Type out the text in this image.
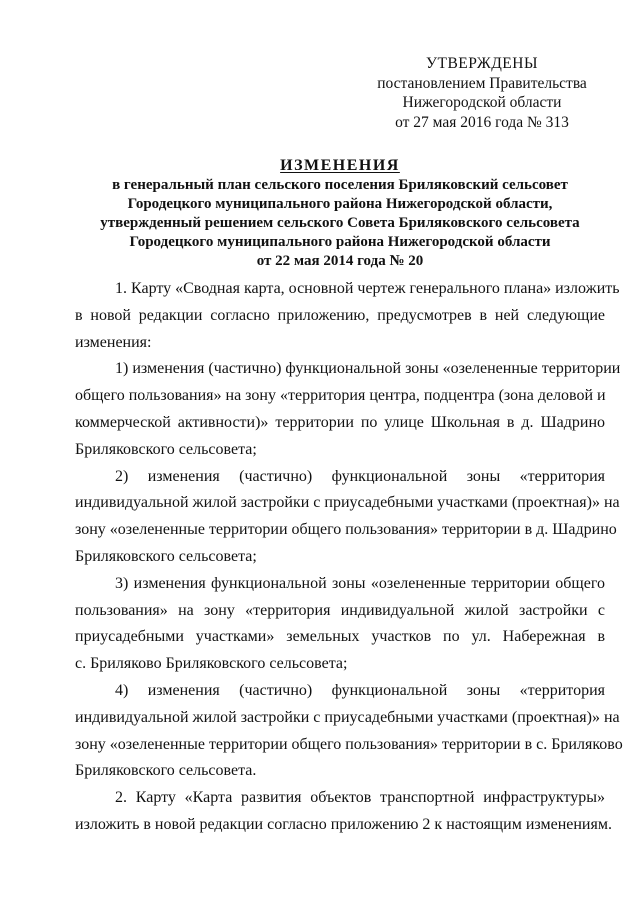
УТВЕРЖДЕНЫ
постановлением Правительства
Нижегородской области
от 27 мая 2016 года № 313
ИЗМЕНЕНИЯ
в генеральный план сельского поселения Бриляковский сельсовет
Городецкого муниципального района Нижегородской области,
утвержденный решением сельского Совета Бриляковского сельсовета
Городецкого муниципального района Нижегородской области
от 22 мая 2014 года № 20
1. Карту «Сводная карта, основной чертеж генерального плана» изложить
в новой редакции согласно приложению, предусмотрев в ней следующие
изменения:
1) изменения (частично) функциональной зоны «озелененные территории
общего пользования» на зону «территория центра, подцентра (зона деловой и
коммерческой активности)» территории по улице Школьная в д. Шадрино
Бриляковского сельсовета;
2) изменения (частично) функциональной зоны «территория
индивидуальной жилой застройки с приусадебными участками (проектная)» на
зону «озелененные территории общего пользования» территории в д. Шадрино
Бриляковского сельсовета;
3) изменения функциональной зоны «озелененные территории общего
пользования» на зону «территория индивидуальной жилой застройки с
приусадебными участками» земельных участков по ул. Набережная в
с. Бриляково Бриляковского сельсовета;
4) изменения (частично) функциональной зоны «территория
индивидуальной жилой застройки с приусадебными участками (проектная)» на
зону «озелененные территории общего пользования» территории в с. Бриляково
Бриляковского сельсовета.
2. Карту «Карта развития объектов транспортной инфраструктуры»
изложить в новой редакции согласно приложению 2 к настоящим изменениям.
